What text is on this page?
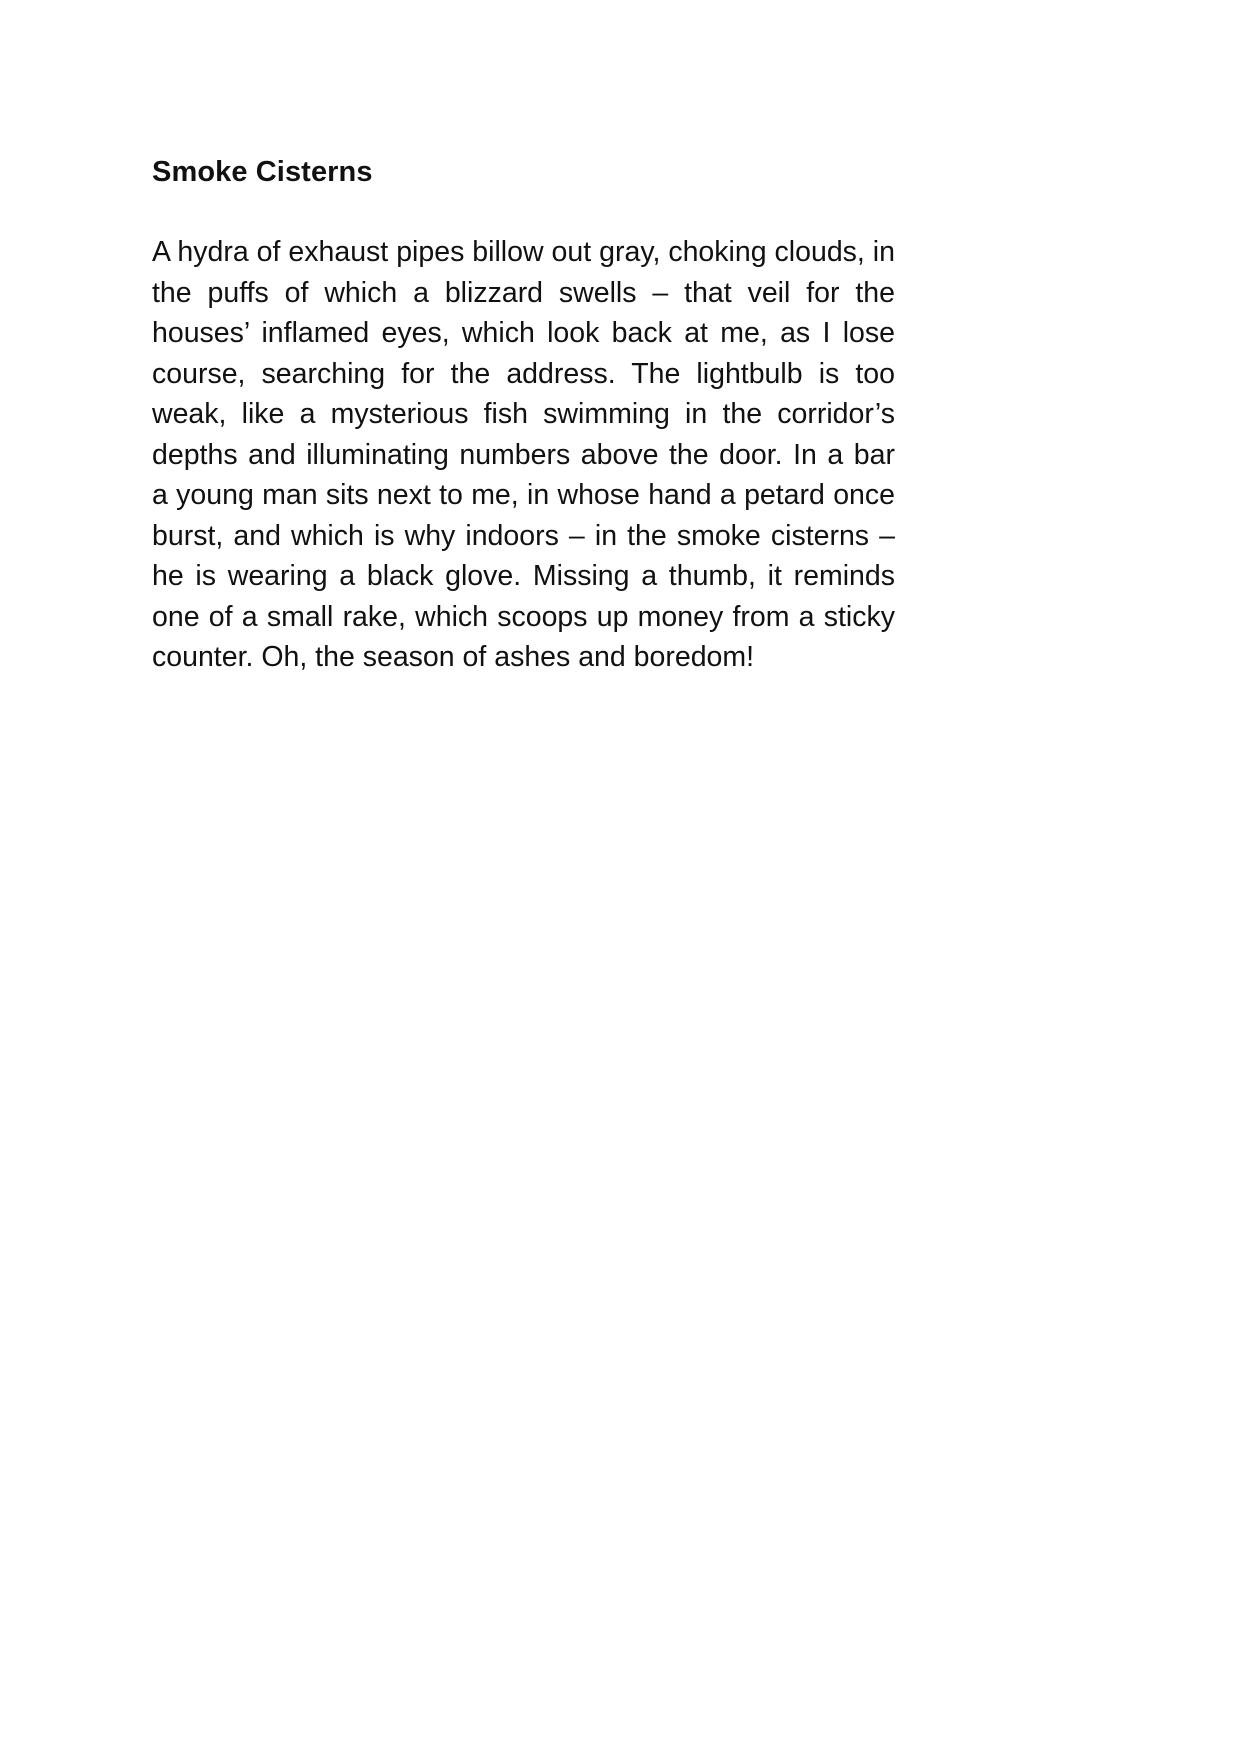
Smoke Cisterns

A hydra of exhaust pipes billow out gray, choking clouds, in the puffs of which a blizzard swells – that veil for the houses’ inflamed eyes, which look back at me, as I lose course, searching for the address. The lightbulb is too weak, like a mysterious fish swimming in the corridor’s depths and illuminating numbers above the door. In a bar a young man sits next to me, in whose hand a petard once burst, and which is why indoors – in the smoke cisterns – he is wearing a black glove. Missing a thumb, it reminds one of a small rake, which scoops up money from a sticky counter. Oh, the season of ashes and boredom!
